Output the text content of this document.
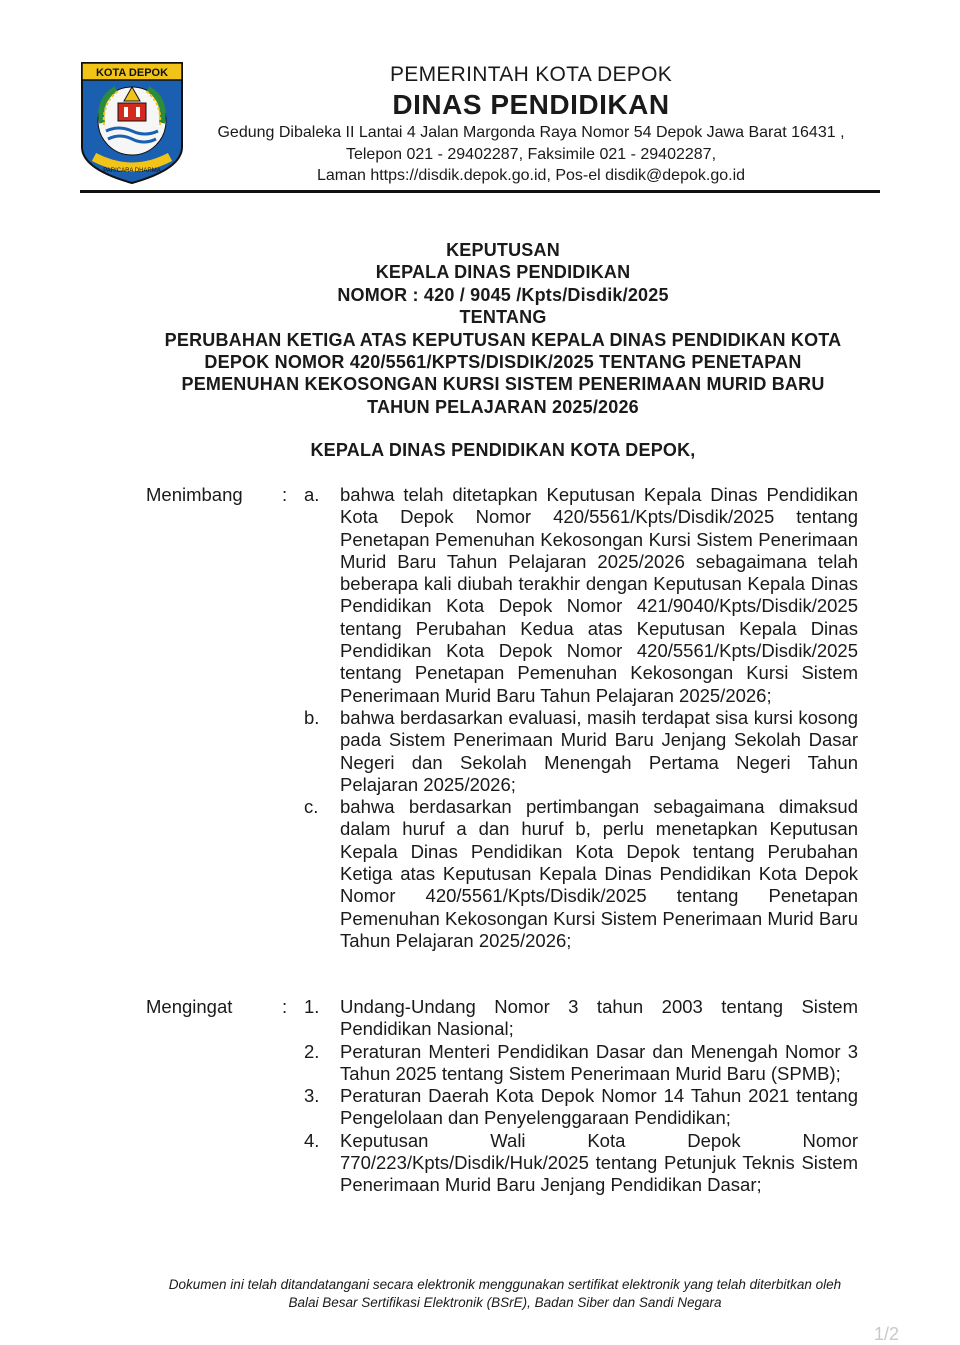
KOTA DEPOK
PARICARA DHARMA
PEMERINTAH KOTA DEPOK
DINAS PENDIDIKAN
Gedung Dibaleka II Lantai 4 Jalan Margonda Raya Nomor 54 Depok Jawa Barat 16431 ,
Telepon 021 - 29402287, Faksimile 021 - 29402287,
Laman https://disdik.depok.go.id, Pos-el disdik@depok.go.id
KEPUTUSAN
KEPALA DINAS PENDIDIKAN
NOMOR : 420 / 9045 /Kpts/Disdik/2025
TENTANG
PERUBAHAN KETIGA ATAS KEPUTUSAN KEPALA DINAS PENDIDIKAN KOTA
DEPOK NOMOR 420/5561/KPTS/DISDIK/2025 TENTANG PENETAPAN
PEMENUHAN KEKOSONGAN KURSI SISTEM PENERIMAAN MURID BARU
TAHUN PELAJARAN 2025/2026
KEPALA DINAS PENDIDIKAN KOTA DEPOK,
Menimbang : a. bahwa telah ditetapkan Keputusan Kepala Dinas Pendidikan Kota Depok Nomor 420/5561/Kpts/Disdik/2025 tentang Penetapan Pemenuhan Kekosongan Kursi Sistem Penerimaan Murid Baru Tahun Pelajaran 2025/2026 sebagaimana telah beberapa kali diubah terakhir dengan Keputusan Kepala Dinas Pendidikan Kota Depok Nomor 421/9040/Kpts/Disdik/2025 tentang Perubahan Kedua atas Keputusan Kepala Dinas Pendidikan Kota Depok Nomor 420/5561/Kpts/Disdik/2025 tentang Penetapan Pemenuhan Kekosongan Kursi Sistem Penerimaan Murid Baru Tahun Pelajaran 2025/2026;
b. bahwa berdasarkan evaluasi, masih terdapat sisa kursi kosong pada Sistem Penerimaan Murid Baru Jenjang Sekolah Dasar Negeri dan Sekolah Menengah Pertama Negeri Tahun Pelajaran 2025/2026;
c. bahwa berdasarkan pertimbangan sebagaimana dimaksud dalam huruf a dan huruf b, perlu menetapkan Keputusan Kepala Dinas Pendidikan Kota Depok tentang Perubahan Ketiga atas Keputusan Kepala Dinas Pendidikan Kota Depok Nomor 420/5561/Kpts/Disdik/2025 tentang Penetapan Pemenuhan Kekosongan Kursi Sistem Penerimaan Murid Baru Tahun Pelajaran 2025/2026;
Mengingat	: 1. Undang-Undang Nomor 3 tahun 2003 tentang Sistem Pendidikan Nasional;
2. Peraturan Menteri Pendidikan Dasar dan Menengah Nomor 3 Tahun 2025 tentang Sistem Penerimaan Murid Baru (SPMB);
3. Peraturan Daerah Kota Depok Nomor 14 Tahun 2021 tentang Pengelolaan dan Penyelenggaraan Pendidikan;
4. Keputusan Wali Kota Depok Nomor 770/223/Kpts/Disdik/Huk/2025 tentang Petunjuk Teknis Sistem Penerimaan Murid Baru Jenjang Pendidikan Dasar;
Dokumen ini telah ditandatangani secara elektronik menggunakan sertifikat elektronik yang telah diterbitkan oleh
Balai Besar Sertifikasi Elektronik (BSrE), Badan Siber dan Sandi Negara
1/2
